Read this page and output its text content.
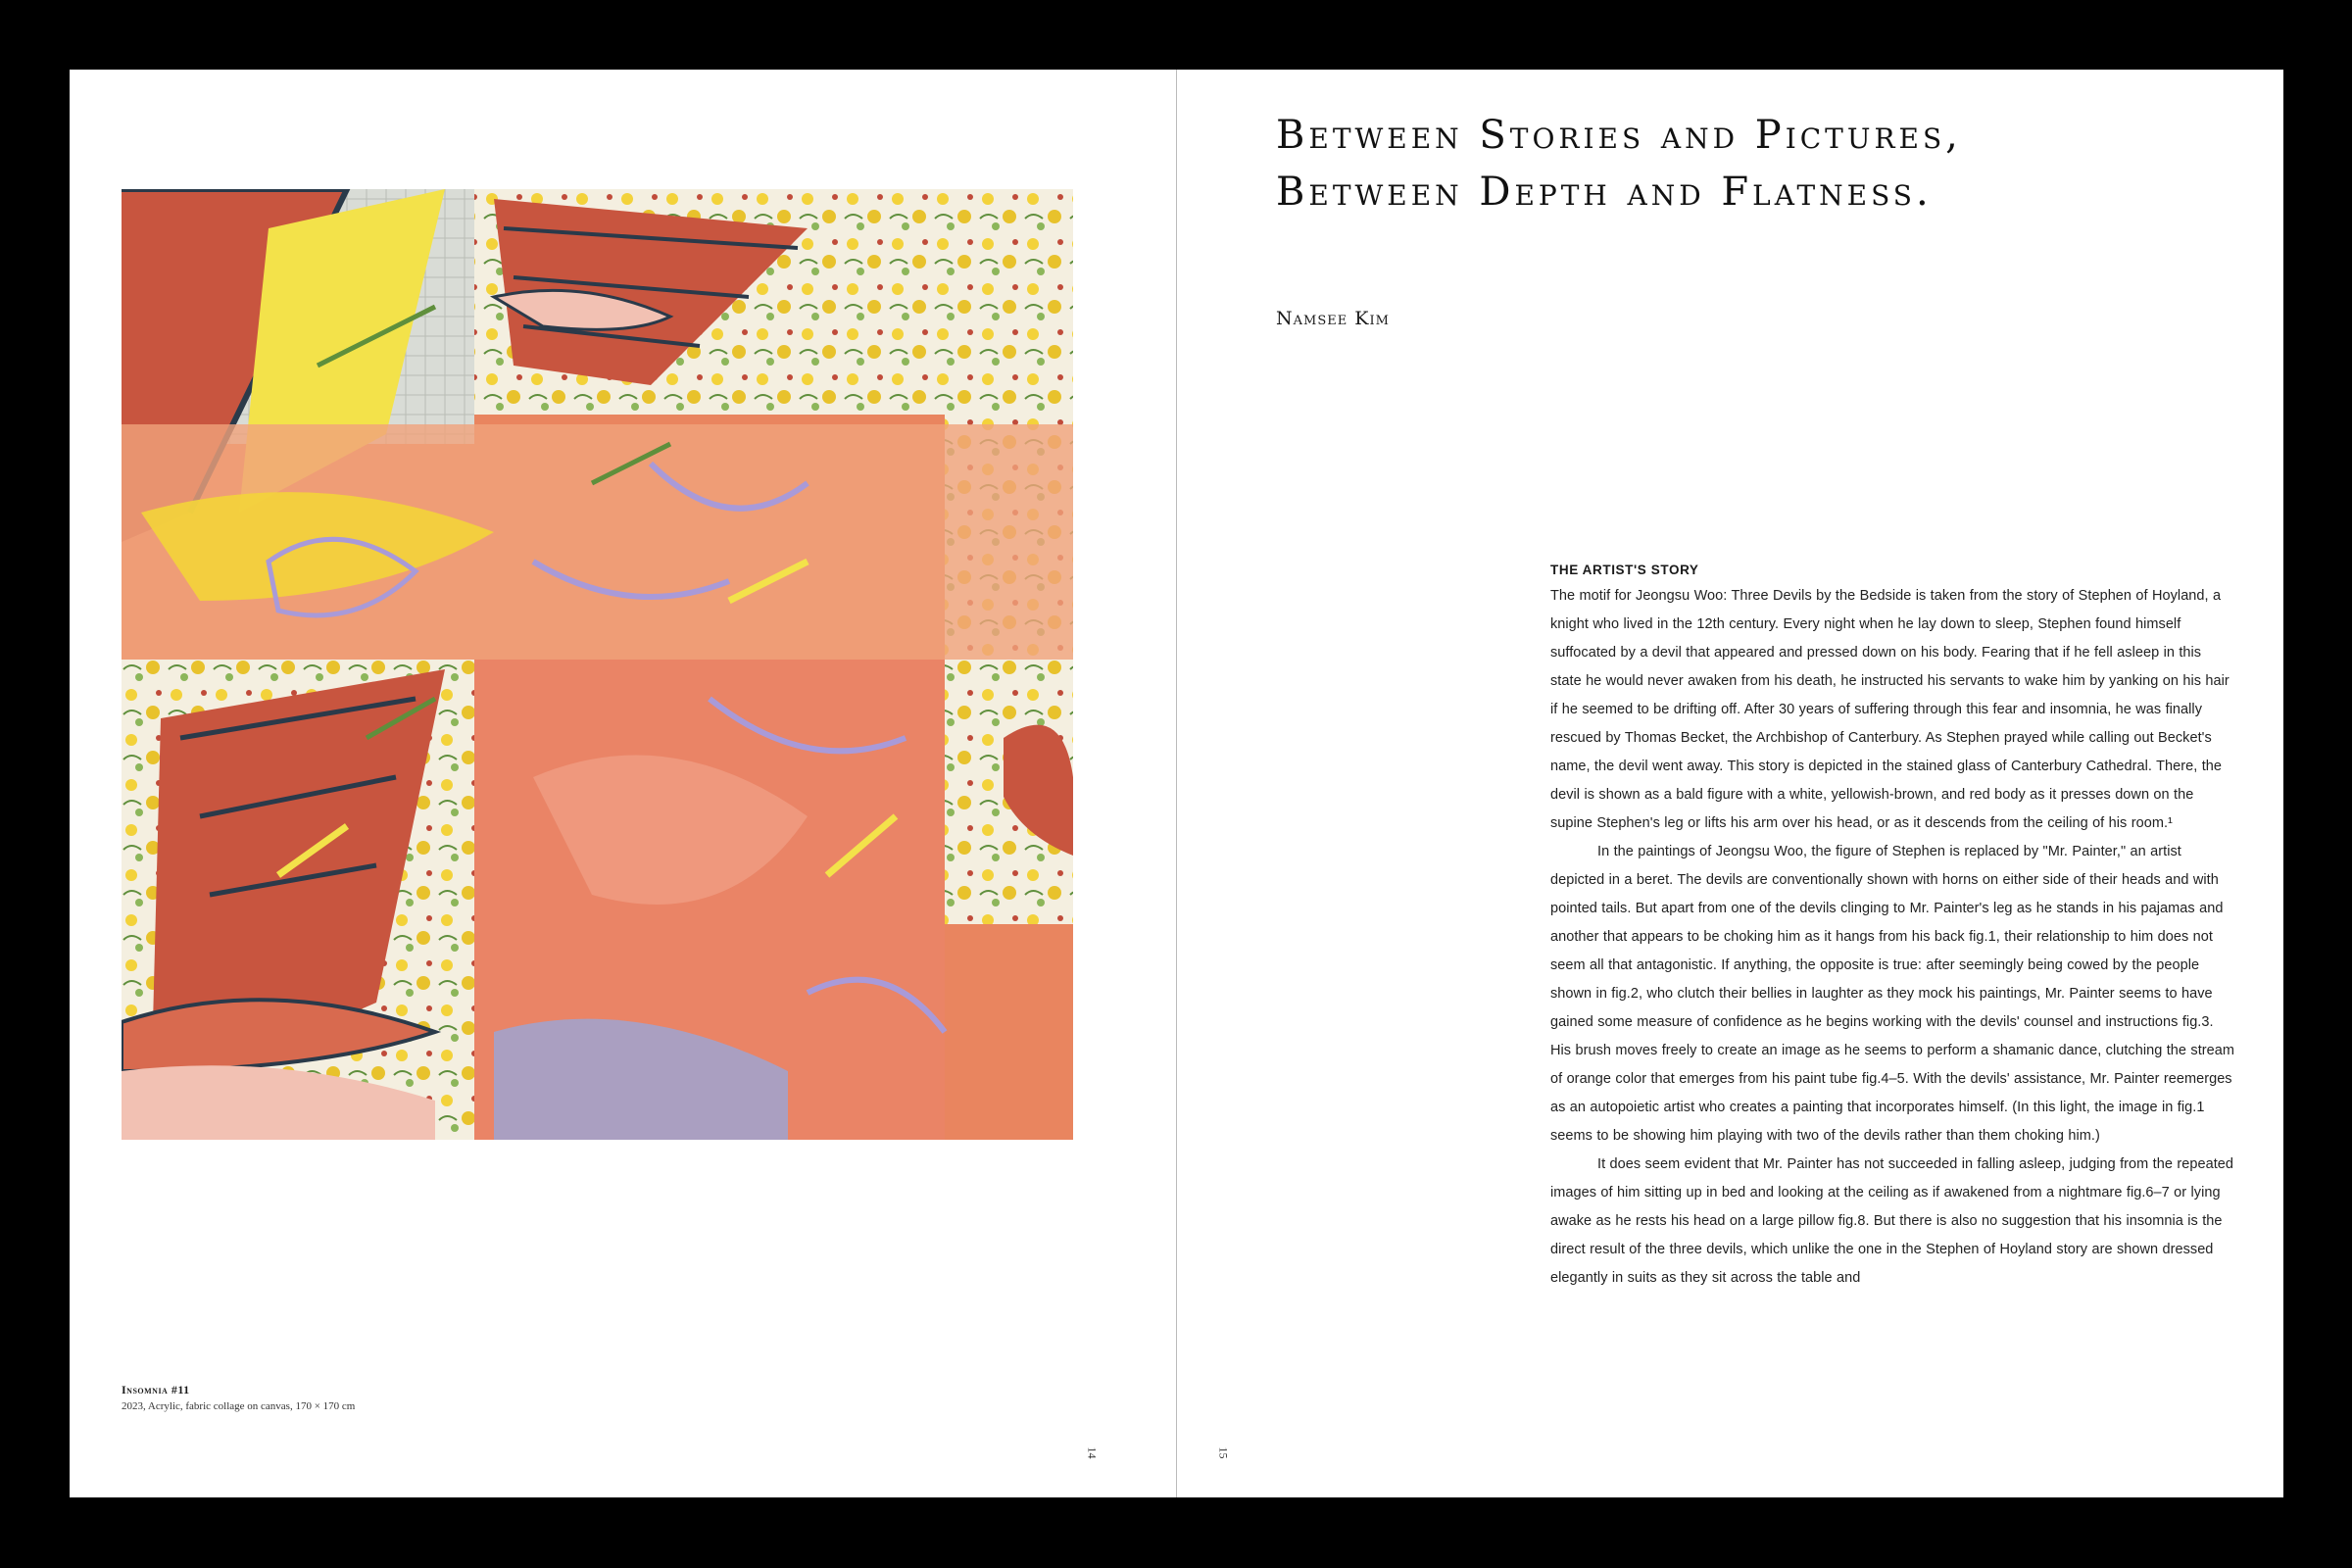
Insomnia #11
2023, Acrylic, fabric collage on canvas, 170 × 170 cm
14
Between Stories and Pictures,
Between Depth and Flatness.
Namsee Kim
THE ARTIST'S STORY

The motif for Jeongsu Woo: Three Devils by the Bedside is taken from the story of Stephen of Hoyland, a knight who lived in the 12th century. Every night when he lay down to sleep, Stephen found himself suffocated by a devil that appeared and pressed down on his body. Fearing that if he fell asleep in this state he would never awaken from his death, he instructed his servants to wake him by yanking on his hair if he seemed to be drifting off. After 30 years of suffering through this fear and insomnia, he was finally rescued by Thomas Becket, the Archbishop of Canterbury. As Stephen prayed while calling out Becket's name, the devil went away. This story is depicted in the stained glass of Canterbury Cathedral. There, the devil is shown as a bald figure with a white, yellowish-brown, and red body as it presses down on the supine Stephen's leg or lifts his arm over his head, or as it descends from the ceiling of his room.¹

In the paintings of Jeongsu Woo, the figure of Stephen is replaced by "Mr. Painter," an artist depicted in a beret. The devils are conventionally shown with horns on either side of their heads and with pointed tails. But apart from one of the devils clinging to Mr. Painter's leg as he stands in his pajamas and another that appears to be choking him as it hangs from his back fig.1, their relationship to him does not seem all that antagonistic. If anything, the opposite is true: after seemingly being cowed by the people shown in fig.2, who clutch their bellies in laughter as they mock his paintings, Mr. Painter seems to have gained some measure of confidence as he begins working with the devils' counsel and instructions fig.3. His brush moves freely to create an image as he seems to perform a shamanic dance, clutching the stream of orange color that emerges from his paint tube fig.4–5. With the devils' assistance, Mr. Painter reemerges as an autopoietic artist who creates a painting that incorporates himself. (In this light, the image in fig.1 seems to be showing him playing with two of the devils rather than them choking him.)

It does seem evident that Mr. Painter has not succeeded in falling asleep, judging from the repeated images of him sitting up in bed and looking at the ceiling as if awakened from a nightmare fig.6–7 or lying awake as he rests his head on a large pillow fig.8. But there is also no suggestion that his insomnia is the direct result of the three devils, which unlike the one in the Stephen of Hoyland story are shown dressed elegantly in suits as they sit across the table and

15
